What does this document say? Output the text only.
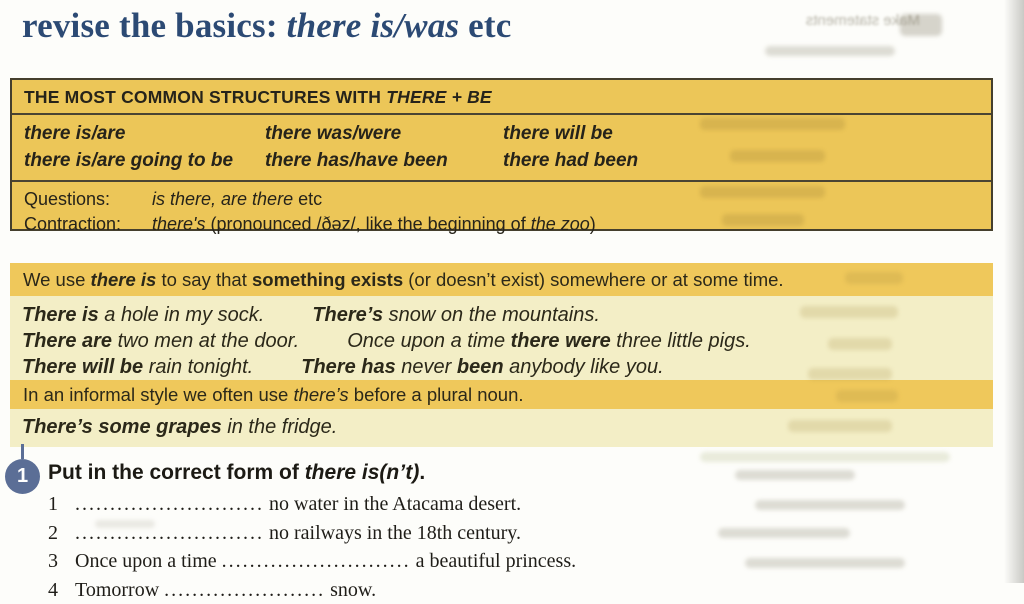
revise the basics: there is/was etc
THE MOST COMMON STRUCTURES WITH THERE + BE
there is/are	there was/were	there will be
there is/are going to be	there has/have been	there had been
Questions:	is there, are there etc
Contraction:	there's (pronounced /ðəz/, like the beginning of the zoo)
We use there is to say that something exists (or doesn’t exist) somewhere or at some time.
There is a hole in my sock. There’s snow on the mountains.
There are two men at the door. Once upon a time there were three little pigs.
There will be rain tonight. There has never been anybody like you.
In an informal style we often use there’s before a plural noun.
There’s some grapes in the fridge.
1 Put in the correct form of there is(n’t).
1 ........................... no water in the Atacama desert.
2 ........................... no railways in the 18th century.
3 Once upon a time ........................... a beautiful princess.
4 Tomorrow ....................... snow.
Make statements
